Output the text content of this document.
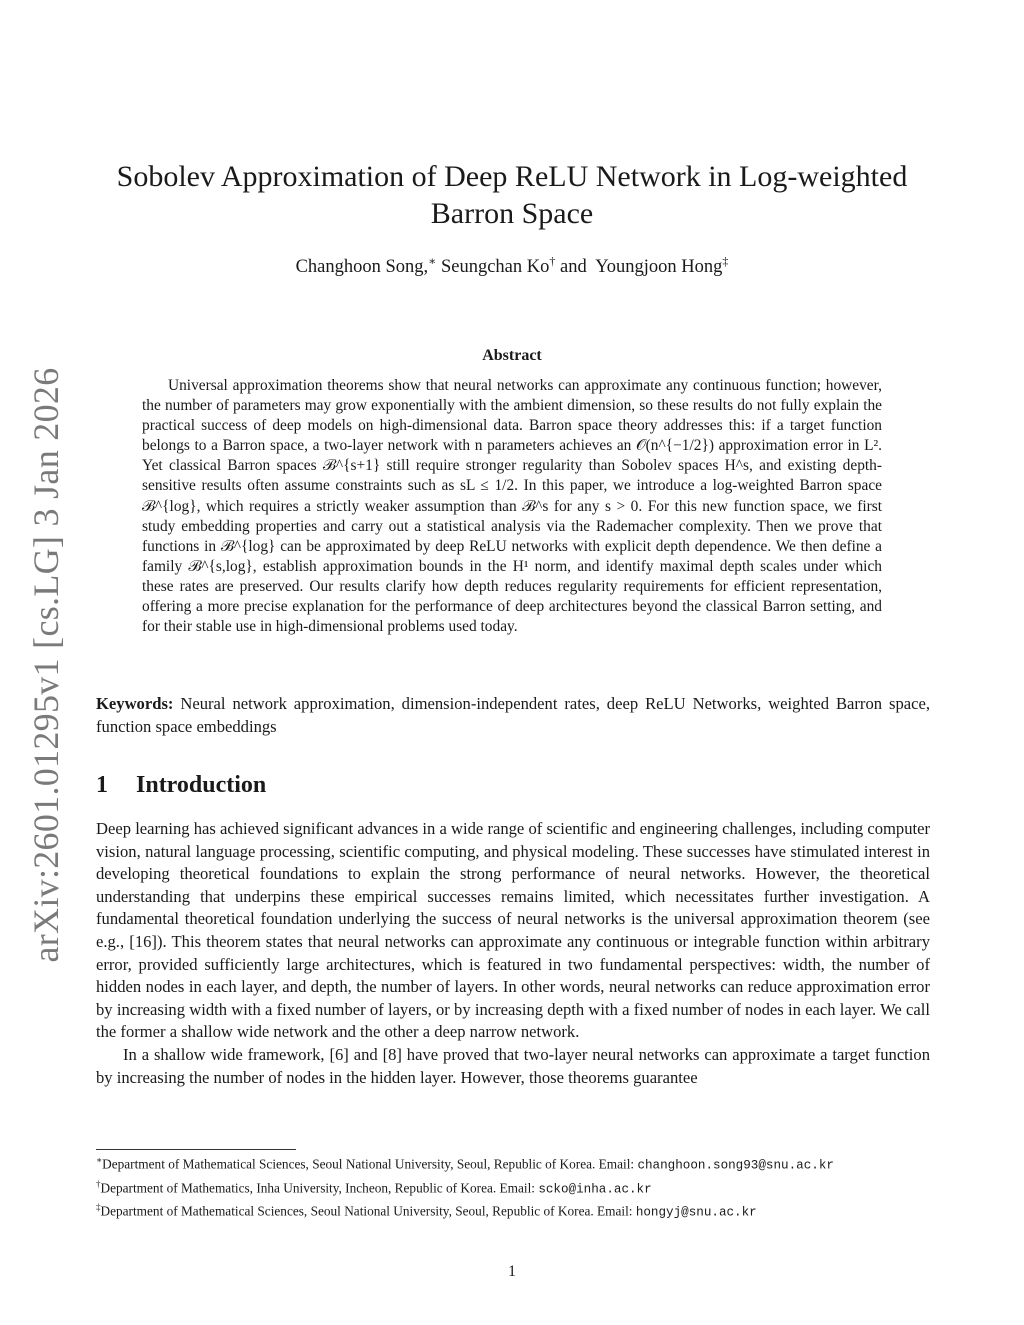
arXiv:2601.01295v1 [cs.LG] 3 Jan 2026
Sobolev Approximation of Deep ReLU Network in Log-weighted Barron Space
Changhoon Song,∗ Seungchan Ko† and Youngjoon Hong‡
Abstract

Universal approximation theorems show that neural networks can approximate any continuous function; however, the number of parameters may grow exponentially with the ambient dimension, so these results do not fully explain the practical success of deep models on high-dimensional data. Barron space theory addresses this: if a target function belongs to a Barron space, a two-layer network with n parameters achieves an 𝒪(n^{−1/2}) approximation error in L². Yet classical Barron spaces ℬ^{s+1} still require stronger regularity than Sobolev spaces H^s, and existing depth-sensitive results often assume constraints such as sL ≤ 1/2. In this paper, we introduce a log-weighted Barron space ℬ^{log}, which requires a strictly weaker assumption than ℬ^s for any s > 0. For this new function space, we first study embedding properties and carry out a statistical analysis via the Rademacher complexity. Then we prove that functions in ℬ^{log} can be approximated by deep ReLU networks with explicit depth dependence. We then define a family ℬ^{s,log}, establish approximation bounds in the H¹ norm, and identify maximal depth scales under which these rates are preserved. Our results clarify how depth reduces regularity requirements for efficient representation, offering a more precise explanation for the performance of deep architectures beyond the classical Barron setting, and for their stable use in high-dimensional problems used today.

Keywords: Neural network approximation, dimension-independent rates, deep ReLU Networks, weighted Barron space, function space embeddings

1 Introduction

Deep learning has achieved significant advances in a wide range of scientific and engineering challenges, including computer vision, natural language processing, scientific computing, and physical modeling. These successes have stimulated interest in developing theoretical foundations to explain the strong performance of neural networks. However, the theoretical understanding that underpins these empirical successes remains limited, which necessitates further investigation. A fundamental theoretical foundation underlying the success of neural networks is the universal approximation theorem (see e.g., [16]). This theorem states that neural networks can approximate any continuous or integrable function within arbitrary error, provided sufficiently large architectures, which is featured in two fundamental perspectives: width, the number of hidden nodes in each layer, and depth, the number of layers. In other words, neural networks can reduce approximation error by increasing width with a fixed number of layers, or by increasing depth with a fixed number of nodes in each layer. We call the former a shallow wide network and the other a deep narrow network.

In a shallow wide framework, [6] and [8] have proved that two-layer neural networks can approximate a target function by increasing the number of nodes in the hidden layer. However, those theorems guarantee

∗Department of Mathematical Sciences, Seoul National University, Seoul, Republic of Korea. Email: changhoon.song93@snu.ac.kr

†Department of Mathematics, Inha University, Incheon, Republic of Korea. Email: scko@inha.ac.kr

‡Department of Mathematical Sciences, Seoul National University, Seoul, Republic of Korea. Email: hongyj@snu.ac.kr

1
